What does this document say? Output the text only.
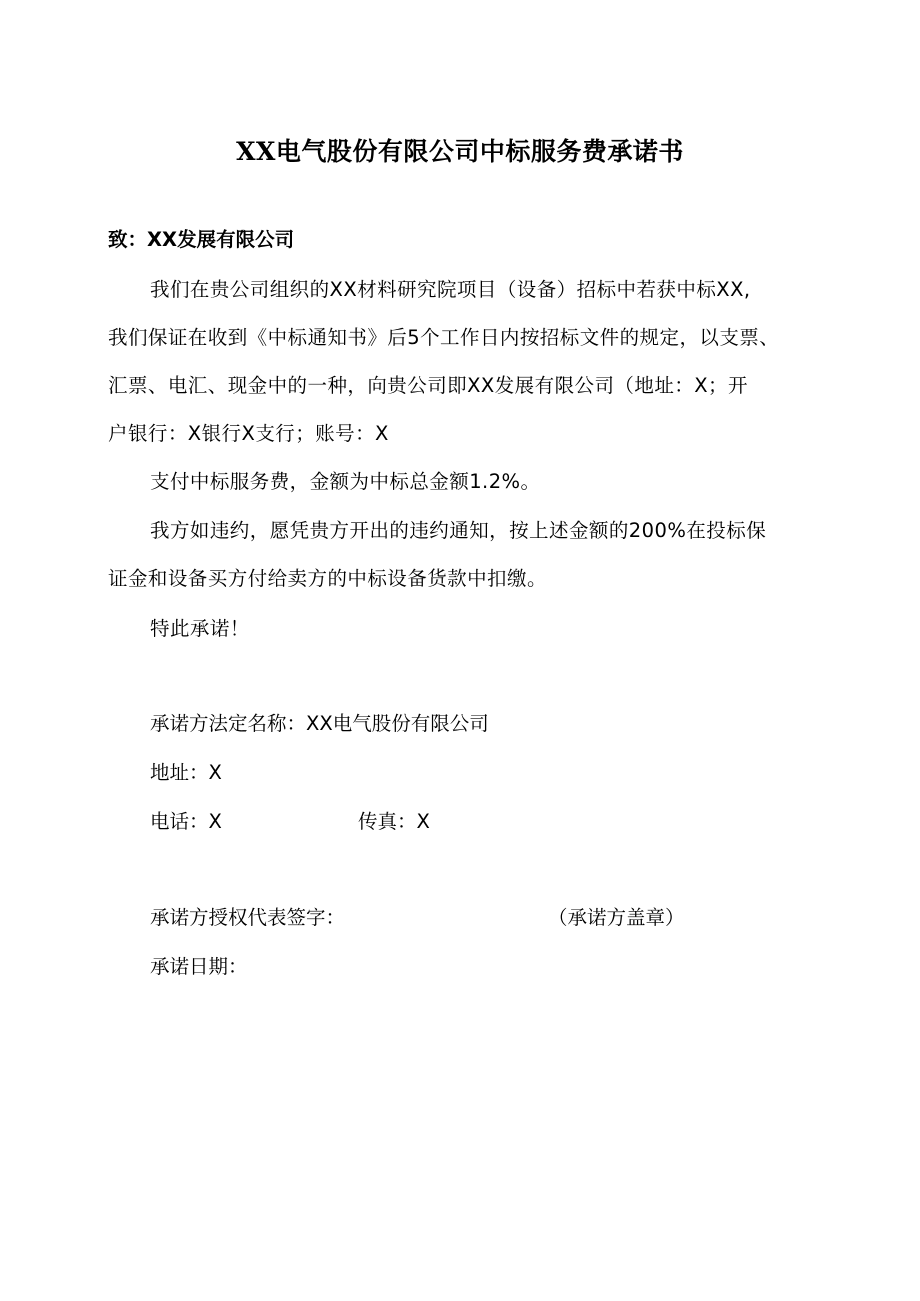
XX电气股份有限公司中标服务费承诺书
致：XX发展有限公司
我们在贵公司组织的XX材料研究院项目（设备）招标中若获中标XX,
我们保证在收到《中标通知书》后5个工作日内按招标文件的规定，以支票、
汇票、电汇、现金中的一种，向贵公司即XX发展有限公司（地址：X；开
户银行：X银行X支行；账号：X
支付中标服务费，金额为中标总金额1.2%。
我方如违约，愿凭贵方开出的违约通知，按上述金额的200%在投标保
证金和设备买方付给卖方的中标设备货款中扣缴。
特此承诺！
承诺方法定名称：XX电气股份有限公司
地址：X
电话：X	传真：X
承诺方授权代表签字：	（承诺方盖章）
承诺日期：
